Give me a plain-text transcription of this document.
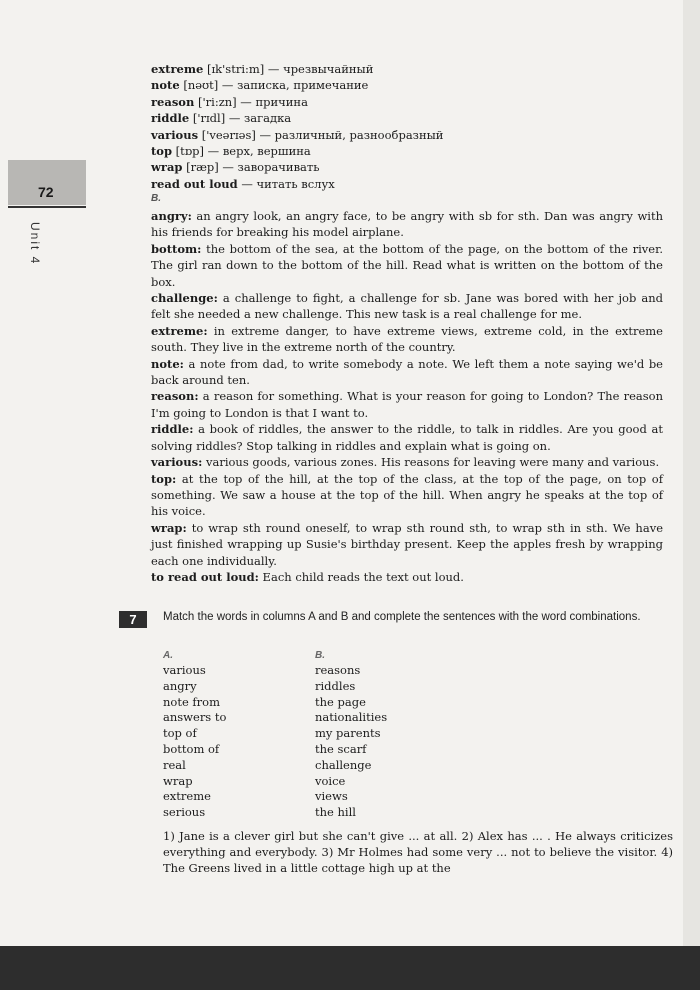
72
Unit 4
extreme [ɪk'stri:m] — чрезвычайный
note [nəʊt] — записка, примечание
reason ['ri:zn] — причина
riddle ['rɪdl] — загадка
various ['veərɪəs] — различный, разнообразный
top [tɒp] — верх, вершина
wrap [ræp] — заворачивать
read out loud — читать вслух
B.

angry: an angry look, an angry face, to be angry with sb for sth. Dan was angry with his friends for breaking his model airplane.

bottom: the bottom of the sea, at the bottom of the page, on the bottom of the river. The girl ran down to the bottom of the hill. Read what is written on the bottom of the box.

challenge: a challenge to fight, a challenge for sb. Jane was bored with her job and felt she needed a new challenge. This new task is a real challenge for me.

extreme: in extreme danger, to have extreme views, extreme cold, in the extreme south. They live in the extreme north of the country.

note: a note from dad, to write somebody a note. We left them a note saying we'd be back around ten.

reason: a reason for something. What is your reason for going to London? The reason I'm going to London is that I want to.

riddle: a book of riddles, the answer to the riddle, to talk in riddles. Are you good at solving riddles? Stop talking in riddles and explain what is going on.

various: various goods, various zones. His reasons for leaving were many and various.

top: at the top of the hill, at the top of the class, at the top of the page, on top of something. We saw a house at the top of the hill. When angry he speaks at the top of his voice.

wrap: to wrap sth round oneself, to wrap sth round sth, to wrap sth in sth. We have just finished wrapping up Susie's birthday present. Keep the apples fresh by wrapping each one individually.

to read out loud: Each child reads the text out loud.

7	Match the words in columns A and B and complete the sentences with the word combinations.
A.	B.
various
angry
note from
answers to
top of
bottom of
real
wrap
extreme
serious
reasons
riddles
the page
nationalities
my parents
the scarf
challenge
voice
views
the hill
1) Jane is a clever girl but she can't give ... at all. 2) Alex has ... . He always criticizes everything and everybody. 3) Mr Holmes had some very ... not to believe the visitor. 4) The Greens lived in a little cottage high up at the
